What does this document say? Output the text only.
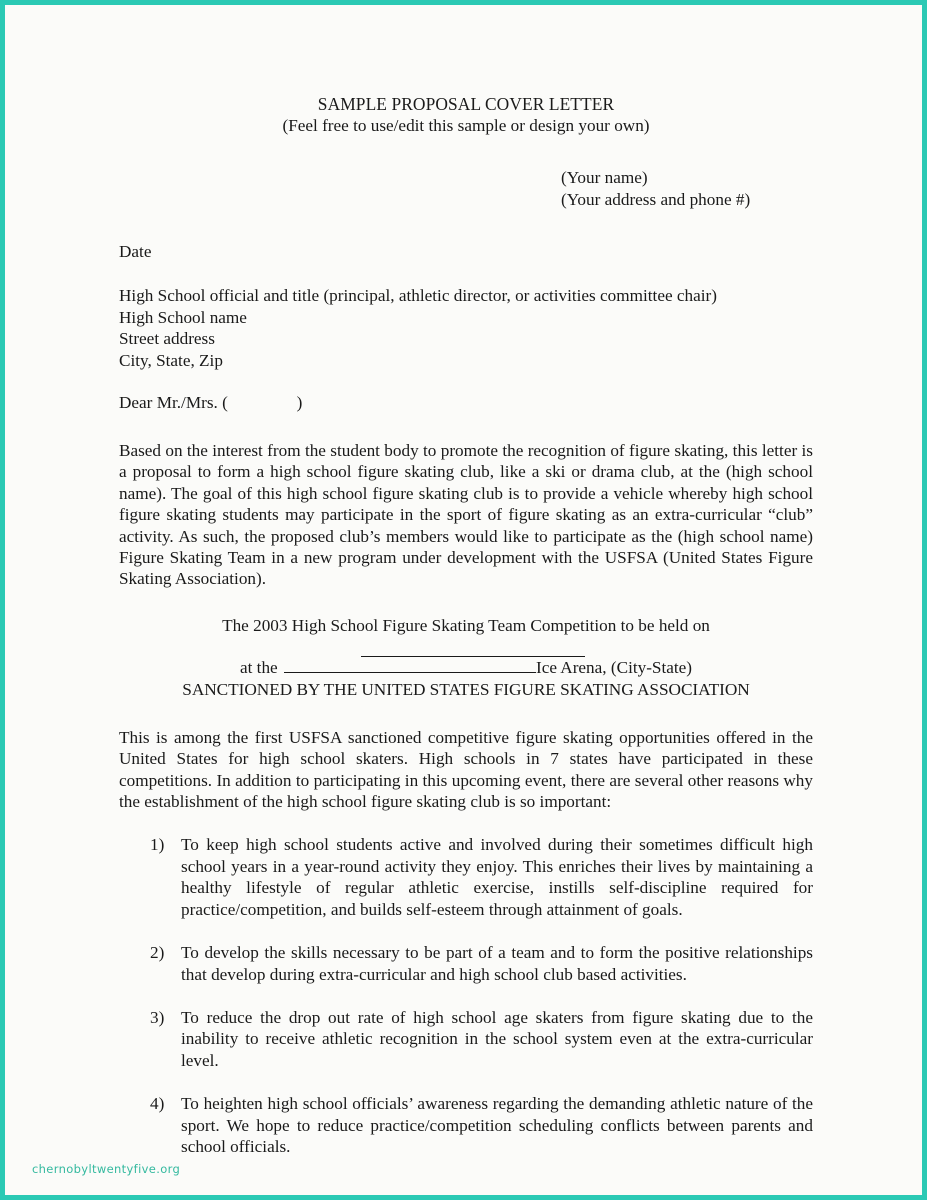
SAMPLE PROPOSAL COVER LETTER
(Feel free to use/edit this sample or design your own)
(Your name)
(Your address and phone #)
Date
High School official and title (principal, athletic director, or activities committee chair)
High School name
Street address
City, State, Zip
Dear Mr./Mrs. (                )
Based on the interest from the student body to promote the recognition of figure skating, this letter is a proposal to form a high school figure skating club, like a ski or drama club, at the (high school name). The goal of this high school figure skating club is to provide a vehicle whereby high school figure skating students may participate in the sport of figure skating as an extra-curricular “club” activity. As such, the proposed club’s members would like to participate as the (high school name) Figure Skating Team in a new program under development with the USFSA (United States Figure Skating Association).
The 2003 High School Figure Skating Team Competition to be held on
at the	Ice Arena, (City-State)
SANCTIONED BY THE UNITED STATES FIGURE SKATING ASSOCIATION
This is among the first USFSA sanctioned competitive figure skating opportunities offered in the United States for high school skaters. High schools in 7 states have participated in these competitions. In addition to participating in this upcoming event, there are several other reasons why the establishment of the high school figure skating club is so important:
1) To keep high school students active and involved during their sometimes difficult high school years in a year-round activity they enjoy. This enriches their lives by maintaining a healthy lifestyle of regular athletic exercise, instills self-discipline required for practice/competition, and builds self-esteem through attainment of goals.
2) To develop the skills necessary to be part of a team and to form the positive relationships that develop during extra-curricular and high school club based activities.
3) To reduce the drop out rate of high school age skaters from figure skating due to the inability to receive athletic recognition in the school system even at the extra-curricular level.
4) To heighten high school officials’ awareness regarding the demanding athletic nature of the sport. We hope to reduce practice/competition scheduling conflicts between parents and school officials.
chernobyltwentyfive.org
